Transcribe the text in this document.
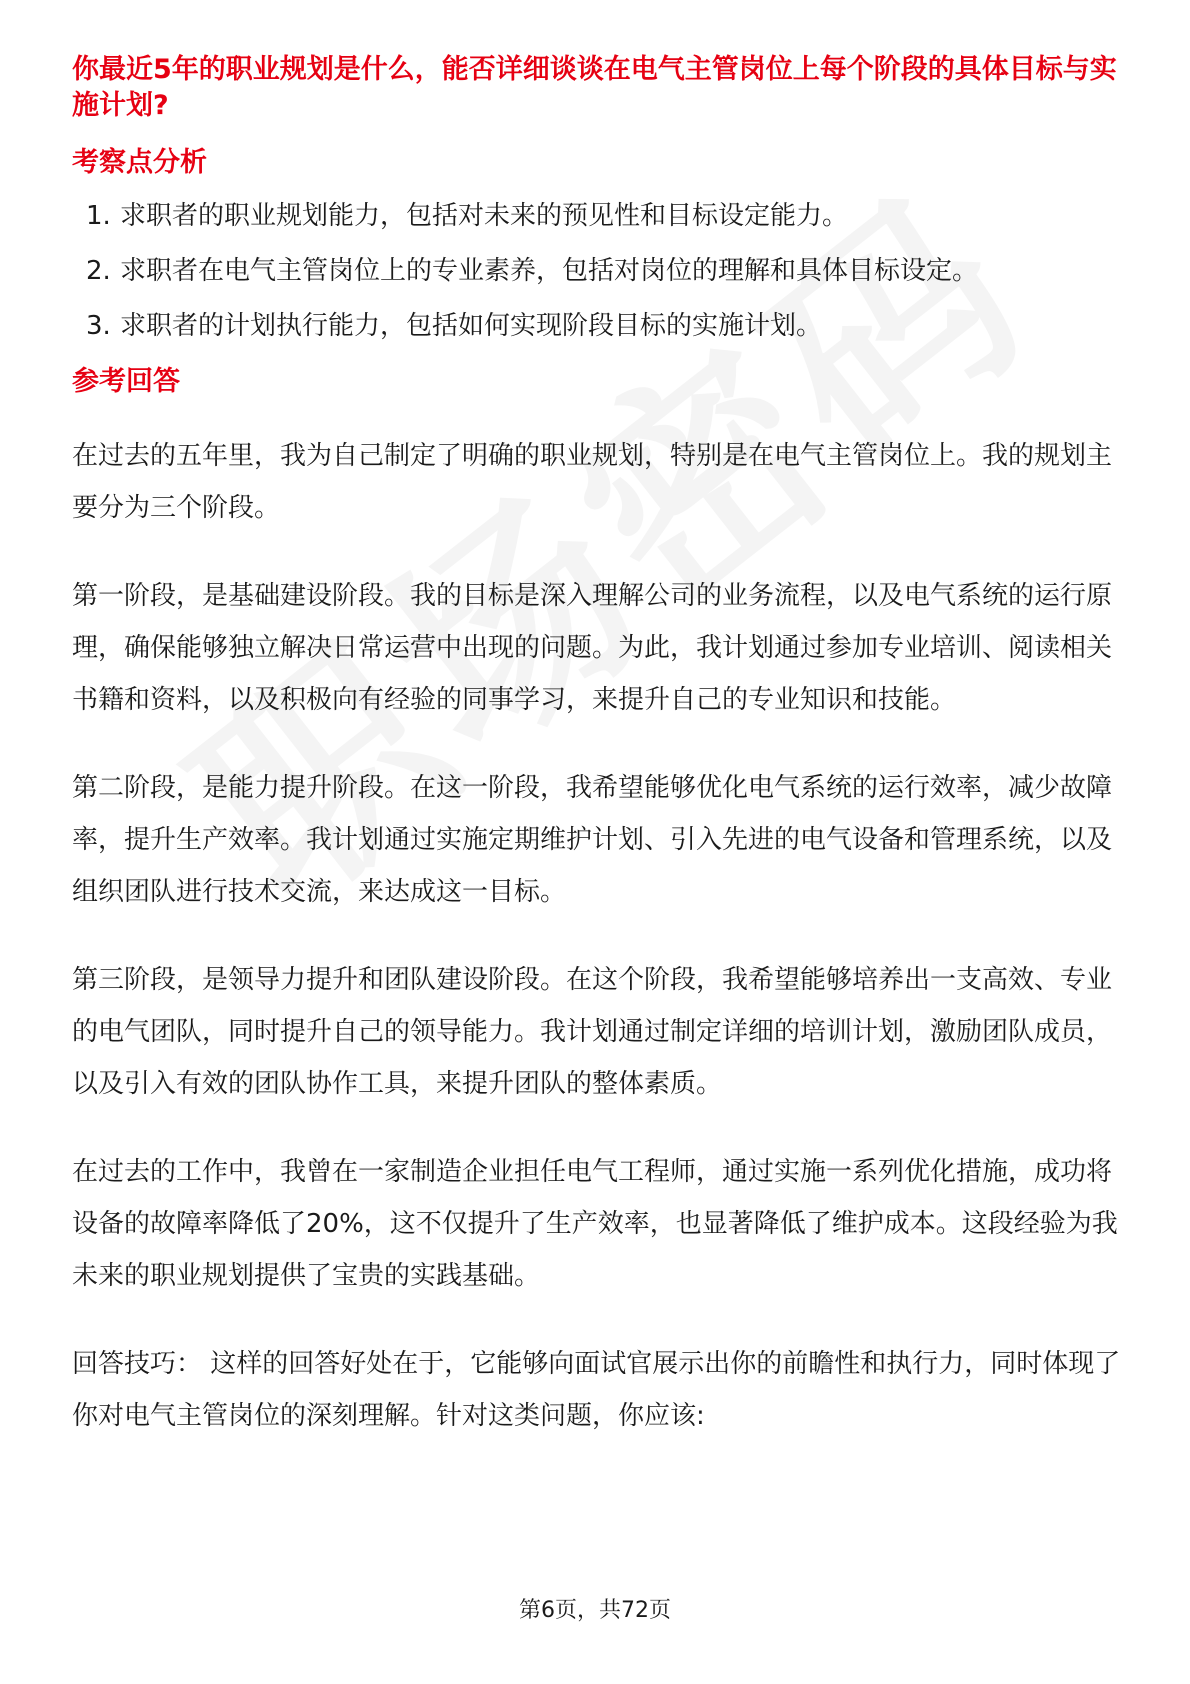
你最近5年的职业规划是什么，能否详细谈谈在电气主管岗位上每个阶段的具体目标与实施计划?

考察点分析

1. 求职者的职业规划能力，包括对未来的预见性和目标设定能力。
2. 求职者在电气主管岗位上的专业素养，包括对岗位的理解和具体目标设定。
3. 求职者的计划执行能力，包括如何实现阶段目标的实施计划。

参考回答

在过去的五年里，我为自己制定了明确的职业规划，特别是在电气主管岗位上。我的规划主要分为三个阶段。

第一阶段，是基础建设阶段。我的目标是深入理解公司的业务流程，以及电气系统的运行原理，确保能够独立解决日常运营中出现的问题。为此，我计划通过参加专业培训、阅读相关书籍和资料，以及积极向有经验的同事学习，来提升自己的专业知识和技能。

第二阶段，是能力提升阶段。在这一阶段，我希望能够优化电气系统的运行效率，减少故障率，提升生产效率。我计划通过实施定期维护计划、引入先进的电气设备和管理系统，以及组织团队进行技术交流，来达成这一目标。

第三阶段，是领导力提升和团队建设阶段。在这个阶段，我希望能够培养出一支高效、专业的电气团队，同时提升自己的领导能力。我计划通过制定详细的培训计划，激励团队成员，以及引入有效的团队协作工具，来提升团队的整体素质。

在过去的工作中，我曾在一家制造企业担任电气工程师，通过实施一系列优化措施，成功将设备的故障率降低了20%，这不仅提升了生产效率，也显著降低了维护成本。这段经验为我未来的职业规划提供了宝贵的实践基础。

回答技巧： 这样的回答好处在于，它能够向面试官展示出你的前瞻性和执行力，同时体现了你对电气主管岗位的深刻理解。针对这类问题，你应该:

第6页，共72页
